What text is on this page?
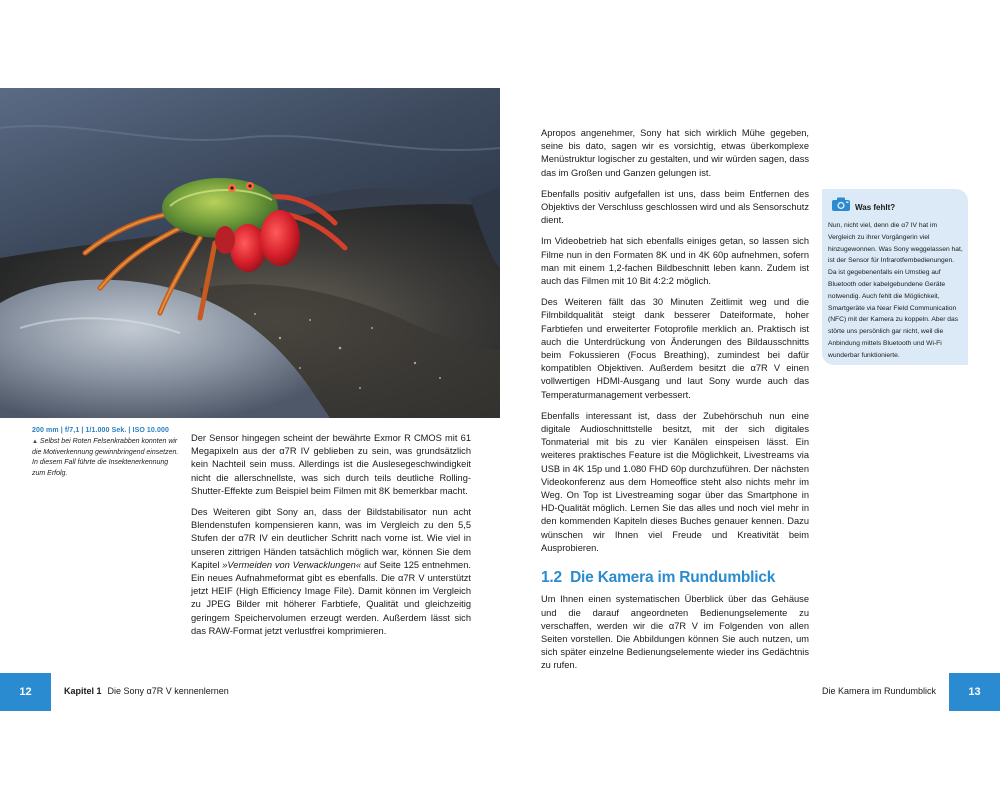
200 mm | f/7,1 | 1/1.000 Sek. | ISO 10.000
▲ Selbst bei Roten Felsenkrabben konnten wir die Motiverkennung gewinnbringend einsetzen. In diesem Fall führte die Insektenerkennung zum Erfolg.

Der Sensor hingegen scheint der bewährte Exmor R CMOS mit 61 Megapixeln aus der α7R IV geblieben zu sein, was grundsätzlich kein Nachteil sein muss. Allerdings ist die Auslesegeschwindigkeit nicht die allerschnellste, was sich durch teils deutliche Rolling-Shutter-Effekte zum Beispiel beim Filmen mit 8K bemerkbar macht.

Des Weiteren gibt Sony an, dass der Bildstabilisator nun acht Blendenstufen kompensieren kann, was im Vergleich zu den 5,5 Stufen der α7R IV ein deutlicher Schritt nach vorne ist. Wie viel in unseren zittrigen Händen tatsächlich möglich war, können Sie dem Kapitel »Vermeiden von Verwacklungen« auf Seite 125 entnehmen. Ein neues Aufnahmeformat gibt es ebenfalls. Die α7R V unterstützt jetzt HEIF (High Efficiency Image File). Damit können im Vergleich zu JPEG Bilder mit höherer Farbtiefe, Qualität und gleichzeitig geringem Speichervolumen erzeugt werden. Außerdem lässt sich das RAW-Format jetzt verlustfrei komprimieren.

Apropos angenehmer, Sony hat sich wirklich Mühe gegeben, seine bis dato, sagen wir es vorsichtig, etwas überkomplexe Menüstruktur logischer zu gestalten, und wir würden sagen, dass das im Großen und Ganzen gelungen ist.

Ebenfalls positiv aufgefallen ist uns, dass beim Entfernen des Objektivs der Verschluss geschlossen wird und als Sensorschutz dient.

Im Videobetrieb hat sich ebenfalls einiges getan, so lassen sich Filme nun in den Formaten 8K und in 4K 60p aufnehmen, sofern man mit einem 1,2-fachen Bildbeschnitt leben kann. Zudem ist auch das Filmen mit 10 Bit 4:2:2 möglich.

Des Weiteren fällt das 30 Minuten Zeitlimit weg und die Filmbildqualität steigt dank besserer Dateiformate, hoher Farbtiefen und erweiterter Fotoprofile merklich an. Praktisch ist auch die Unterdrückung von Änderungen des Bildausschnitts beim Fokussieren (Focus Breathing), zumindest bei dafür kompatiblen Objektiven. Außerdem besitzt die α7R V einen vollwertigen HDMI-Ausgang und laut Sony wurde auch das Temperaturmanagement verbessert.

Ebenfalls interessant ist, dass der Zubehörschuh nun eine digitale Audioschnittstelle besitzt, mit der sich digitales Tonmaterial mit bis zu vier Kanälen einspeisen lässt. Ein weiteres praktisches Feature ist die Möglichkeit, Livestreams via USB in 4K 15p und 1.080 FHD 60p durchzuführen. Der nächsten Videokonferenz aus dem Homeoffice steht also nichts mehr im Weg. On Top ist Livestreaming sogar über das Smartphone in HD-Qualität möglich. Lernen Sie das alles und noch viel mehr in den kommenden Kapiteln dieses Buches genauer kennen. Dazu wünschen wir Ihnen viel Freude und Kreativität beim Ausprobieren.

1.2 Die Kamera im Rundumblick

Um Ihnen einen systematischen Überblick über das Gehäuse und die darauf angeordneten Bedienungselemente zu verschaffen, werden wir die α7R V im Folgenden von allen Seiten vorstellen. Die Abbildungen können Sie auch nutzen, um sich später einzelne Bedienungselemente wieder ins Gedächtnis zu rufen.

Was fehlt?
Nun, nicht viel, denn die α7 IV hat im Vergleich zu ihrer Vorgängerin viel hinzugewonnen. Was Sony weggelassen hat, ist der Sensor für Infrarotfernbedienungen. Da ist gegebenenfalls ein Umstieg auf Bluetooth oder kabelgebundene Geräte notwendig. Auch fehlt die Möglichkeit, Smartgeräte via Near Field Communication (NFC) mit der Kamera zu koppeln. Aber das störte uns persönlich gar nicht, weil die Anbindung mittels Bluetooth und Wi-Fi wunderbar funktionierte.
12	Kapitel 1 Die Sony α7R V kennenlernen	Die Kamera im Rundumblick	13
